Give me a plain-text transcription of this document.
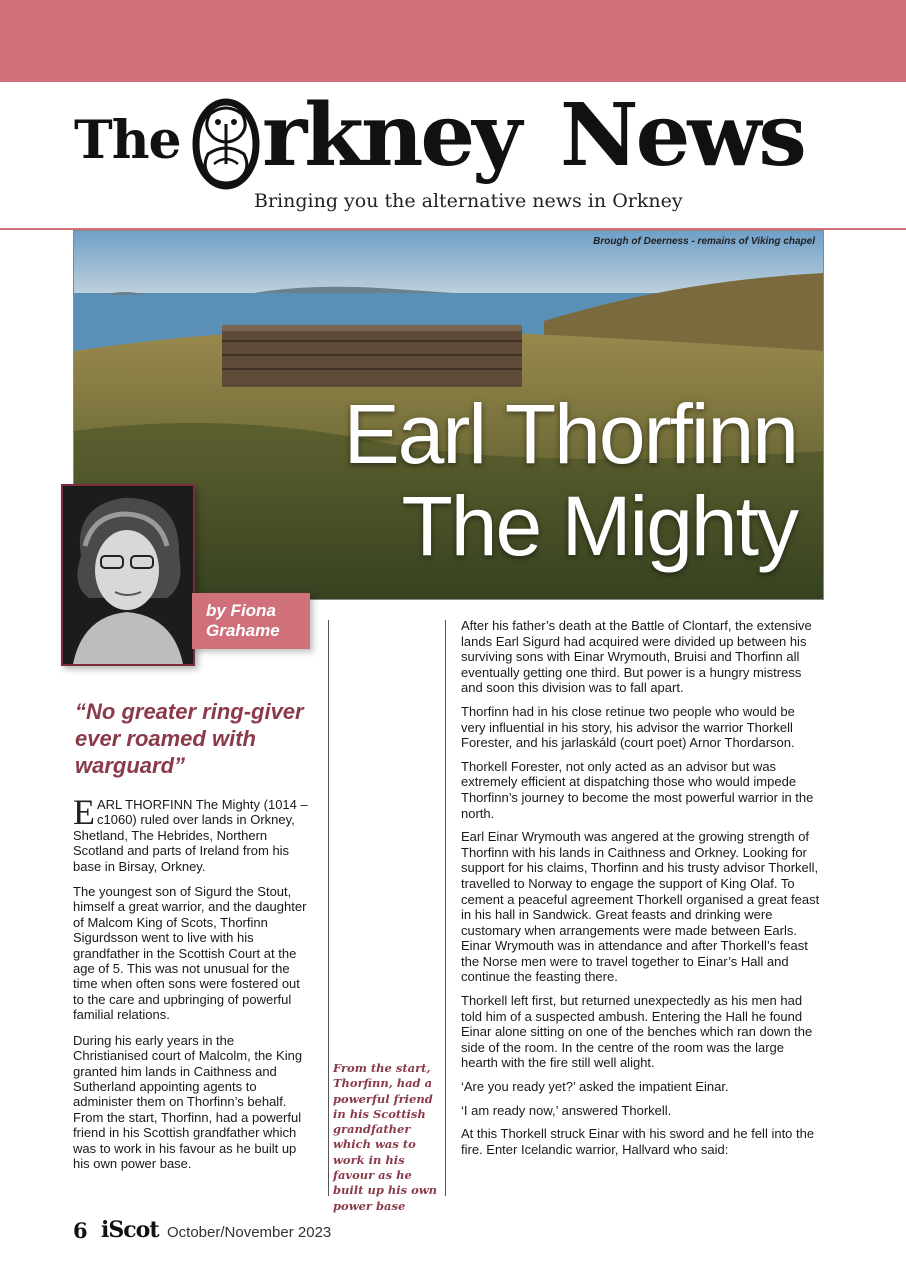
The rkney News
Bringing you the alternative news in Orkney
Brough of Deerness - remains of Viking chapel
Earl Thorfinn
The Mighty
by Fiona Grahame
“No greater ring-giver ever roamed with warguard”

EARL THORFINN The Mighty (1014 – c1060) ruled over lands in Orkney, Shetland, The Hebrides, Northern Scotland and parts of Ireland from his base in Birsay, Orkney.

The youngest son of Sigurd the Stout, himself a great warrior, and the daughter of Malcom King of Scots, Thorfinn Sigurdsson went to live with his grandfather in the Scottish Court at the age of 5. This was not unusual for the time when often sons were fostered out to the care and upbringing of powerful familial relations.

During his early years in the Christianised court of Malcolm, the King granted him lands in Caithness and Sutherland appointing agents to administer them on Thorfinn’s behalf. From the start, Thorfinn, had a powerful friend in his Scottish grandfather which was to work in his favour as he built up his own power base.

From the start, Thorfinn, had a powerful friend in his Scottish grandfather which was to work in his favour as he built up his own power base

After his father’s death at the Battle of Clontarf, the extensive lands Earl Sigurd had acquired were divided up between his surviving sons with Einar Wrymouth, Bruisi and Thorfinn all eventually getting one third. But power is a hungry mistress and soon this division was to fall apart.

Thorfinn had in his close retinue two people who would be very influential in his story, his advisor the warrior Thorkell Forester, and his jarlaskáld (court poet) Arnor Thordarson.

Thorkell Forester, not only acted as an advisor but was extremely efficient at dispatching those who would impede Thorfinn’s journey to become the most powerful warrior in the north.

Earl Einar Wrymouth was angered at the growing strength of Thorfinn with his lands in Caithness and Orkney. Looking for support for his claims, Thorfinn and his trusty advisor Thorkell, travelled to Norway to engage the support of King Olaf. To cement a peaceful agreement Thorkell organised a great feast in his hall in Sandwick. Great feasts and drinking were customary when arrangements were made between Earls. Einar Wrymouth was in attendance and after Thorkell’s feast the Norse men were to travel together to Einar’s Hall and continue the feasting there.

Thorkell left first, but returned unexpectedly as his men had told him of a suspected ambush. Entering the Hall he found Einar alone sitting on one of the benches which ran down the side of the room. In the centre of the room was the large hearth with the fire still well alight.

‘Are you ready yet?’ asked the impatient Einar.

‘I am ready now,’ answered Thorkell.

At this Thorkell struck Einar with his sword and he fell into the fire. Enter Icelandic warrior, Hallvard who said:

6 iScot October/November 2023
